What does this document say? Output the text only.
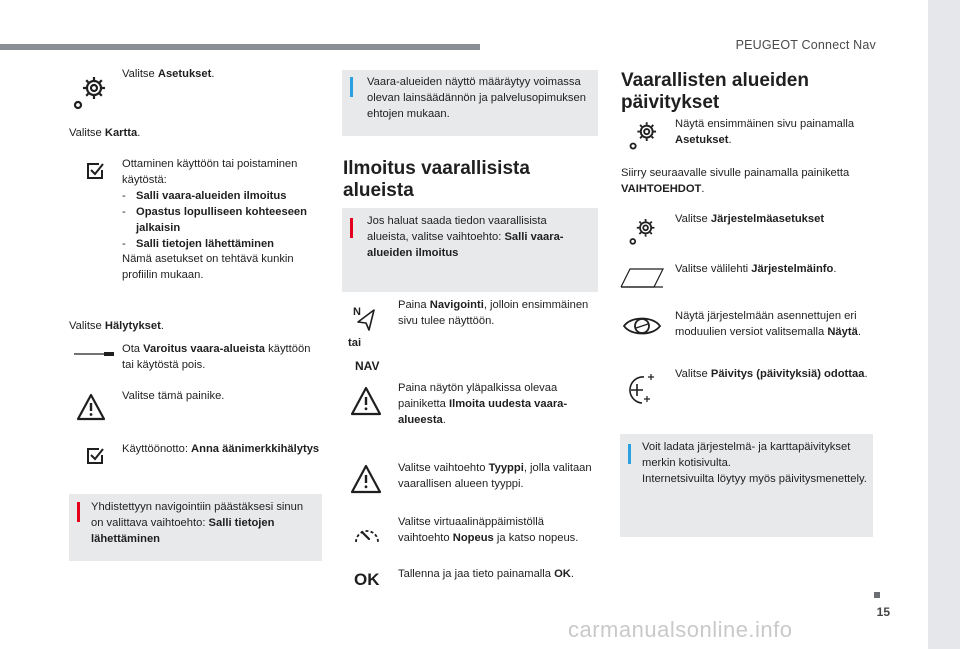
PEUGEOT Connect Nav
15
carmanualsonline.info
Valitse Asetukset.
Valitse Kartta.
Ottaminen käyttöön tai poistaminen käytöstä:
- Salli vaara-alueiden ilmoitus
- Opastus lopulliseen kohteeseen jalkaisin
- Salli tietojen lähettäminen
Nämä asetukset on tehtävä kunkin profiilin mukaan.
Valitse Hälytykset.
Ota Varoitus vaara-alueista käyttöön tai käytöstä pois.
Valitse tämä painike.
Käyttöönotto: Anna äänimerkkihälytys
Yhdistettyyn navigointiin päästäksesi sinun on valittava vaihtoehto: Salli tietojen lähettäminen
Vaara-alueiden näyttö määräytyy voimassa olevan lainsäädännön ja palvelusopimuksen ehtojen mukaan.
Ilmoitus vaarallisista alueista
Jos haluat saada tiedon vaarallisista alueista, valitse vaihtoehto: Salli vaara-alueiden ilmoitus
N
tai
NAV
Paina Navigointi, jolloin ensimmäinen sivu tulee näyttöön.
Paina näytön yläpalkissa olevaa painiketta Ilmoita uudesta vaara-alueesta.
Valitse vaihtoehto Tyyppi, jolla valitaan vaarallisen alueen tyyppi.
Valitse virtuaalinäppäimistöllä vaihtoehto Nopeus ja katso nopeus.
OK Tallenna ja jaa tieto painamalla OK.
Vaarallisten alueiden päivitykset
Näytä ensimmäinen sivu painamalla Asetukset.
Siirry seuraavalle sivulle painamalla painiketta VAIHTOEHDOT.
Valitse Järjestelmäasetukset
Valitse välilehti Järjestelmäinfo.
Näytä järjestelmään asennettujen eri moduulien versiot valitsemalla Näytä.
Valitse Päivitys (päivityksiä) odottaa.
Voit ladata järjestelmä- ja karttapäivitykset merkin kotisivulta.
Internetsivuilta löytyy myös päivitysmenettely.
